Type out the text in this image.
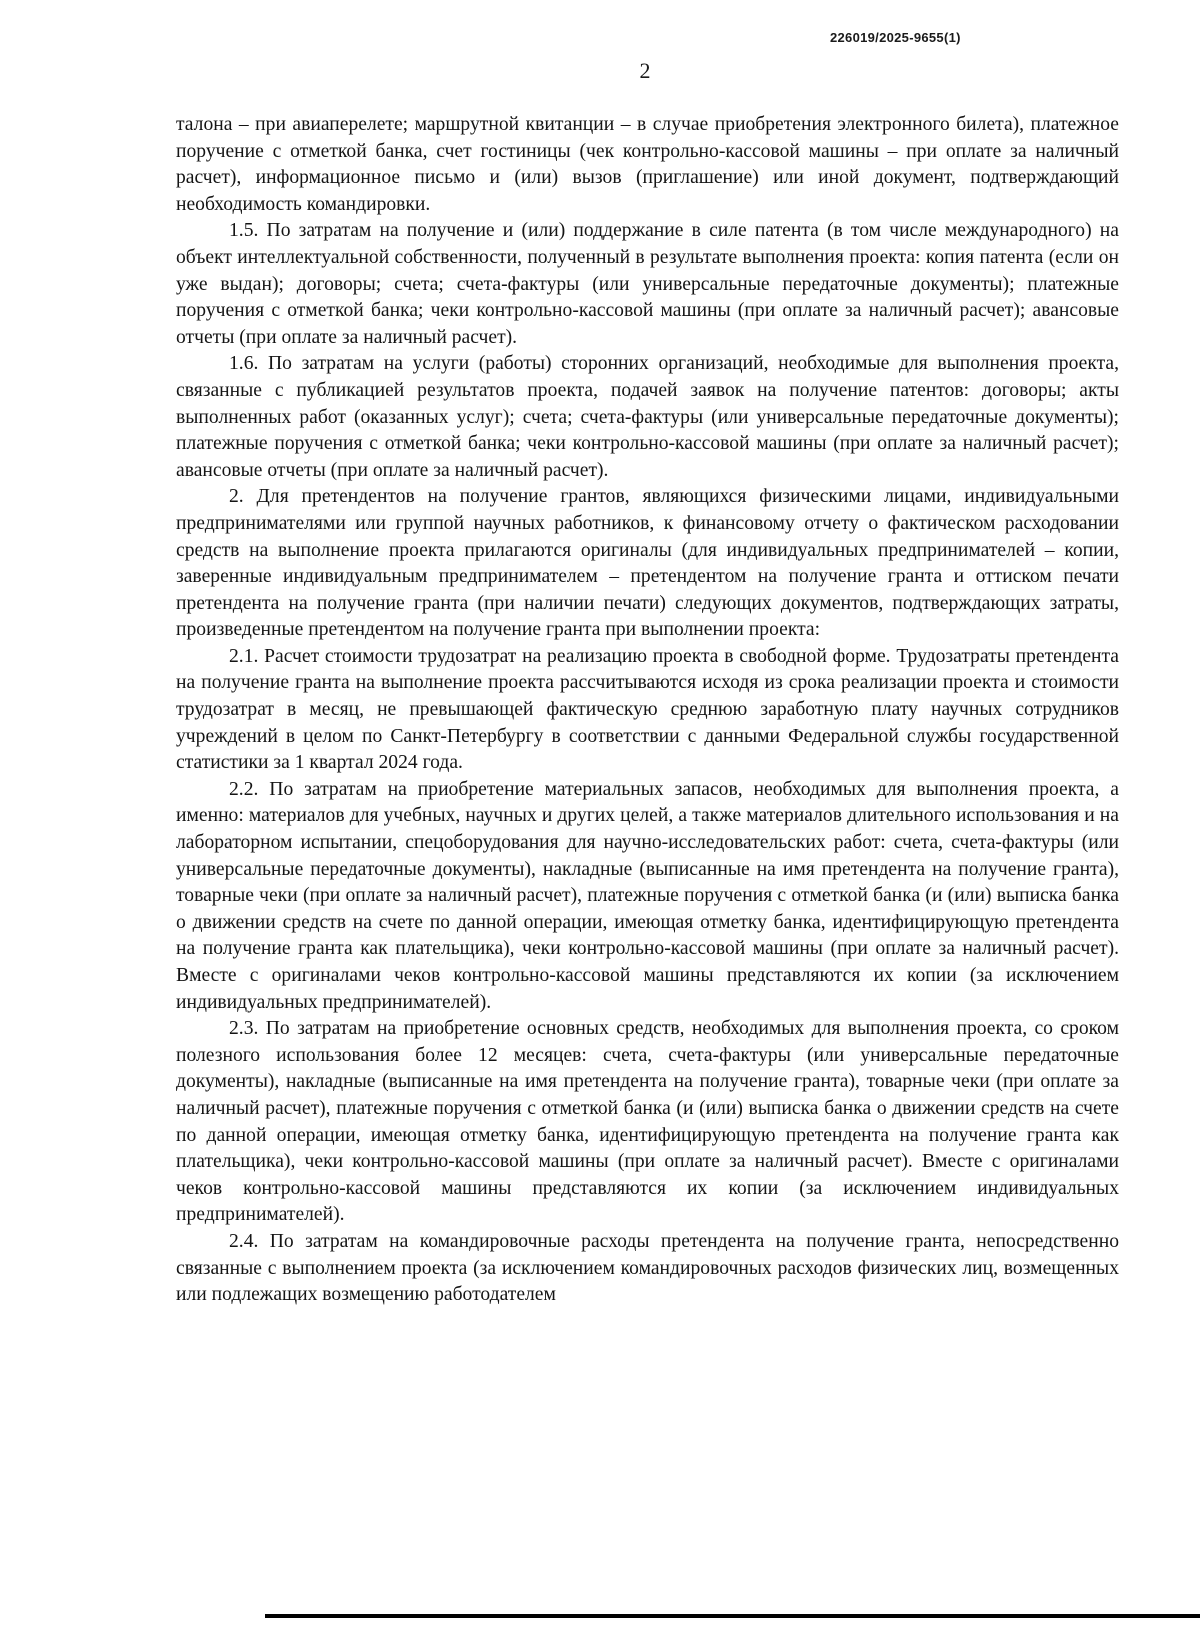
226019/2025-9655(1)
2

талона – при авиаперелете; маршрутной квитанции – в случае приобретения электронного билета), платежное поручение с отметкой банка, счет гостиницы (чек контрольно-кассовой машины – при оплате за наличный расчет), информационное письмо и (или) вызов (приглашение) или иной документ, подтверждающий необходимость командировки.

1.5. По затратам на получение и (или) поддержание в силе патента (в том числе международного) на объект интеллектуальной собственности, полученный в результате выполнения проекта: копия патента (если он уже выдан); договоры; счета; счета-фактуры (или универсальные передаточные документы); платежные поручения с отметкой банка; чеки контрольно-кассовой машины (при оплате за наличный расчет); авансовые отчеты (при оплате за наличный расчет).

1.6. По затратам на услуги (работы) сторонних организаций, необходимые для выполнения проекта, связанные с публикацией результатов проекта, подачей заявок на получение патентов: договоры; акты выполненных работ (оказанных услуг); счета; счета-фактуры (или универсальные передаточные документы); платежные поручения с отметкой банка; чеки контрольно-кассовой машины (при оплате за наличный расчет); авансовые отчеты (при оплате за наличный расчет).

2. Для претендентов на получение грантов, являющихся физическими лицами, индивидуальными предпринимателями или группой научных работников, к финансовому отчету о фактическом расходовании средств на выполнение проекта прилагаются оригиналы (для индивидуальных предпринимателей – копии, заверенные индивидуальным предпринимателем – претендентом на получение гранта и оттиском печати претендента на получение гранта (при наличии печати) следующих документов, подтверждающих затраты, произведенные претендентом на получение гранта при выполнении проекта:

2.1. Расчет стоимости трудозатрат на реализацию проекта в свободной форме. Трудозатраты претендента на получение гранта на выполнение проекта рассчитываются исходя из срока реализации проекта и стоимости трудозатрат в месяц, не превышающей фактическую среднюю заработную плату научных сотрудников учреждений в целом по Санкт-Петербургу в соответствии с данными Федеральной службы государственной статистики за 1 квартал 2024 года.

2.2. По затратам на приобретение материальных запасов, необходимых для выполнения проекта, а именно: материалов для учебных, научных и других целей, а также материалов длительного использования и на лабораторном испытании, спецоборудования для научно-исследовательских работ: счета, счета-фактуры (или универсальные передаточные документы), накладные (выписанные на имя претендента на получение гранта), товарные чеки (при оплате за наличный расчет), платежные поручения с отметкой банка (и (или) выписка банка о движении средств на счете по данной операции, имеющая отметку банка, идентифицирующую претендента на получение гранта как плательщика), чеки контрольно-кассовой машины (при оплате за наличный расчет). Вместе с оригиналами чеков контрольно-кассовой машины представляются их копии (за исключением индивидуальных предпринимателей).

2.3. По затратам на приобретение основных средств, необходимых для выполнения проекта, со сроком полезного использования более 12 месяцев: счета, счета-фактуры (или универсальные передаточные документы), накладные (выписанные на имя претендента на получение гранта), товарные чеки (при оплате за наличный расчет), платежные поручения с отметкой банка (и (или) выписка банка о движении средств на счете по данной операции, имеющая отметку банка, идентифицирующую претендента на получение гранта как плательщика), чеки контрольно-кассовой машины (при оплате за наличный расчет). Вместе с оригиналами чеков контрольно-кассовой машины представляются их копии (за исключением индивидуальных предпринимателей).

2.4. По затратам на командировочные расходы претендента на получение гранта, непосредственно связанные с выполнением проекта (за исключением командировочных расходов физических лиц, возмещенных или подлежащих возмещению работодателем
